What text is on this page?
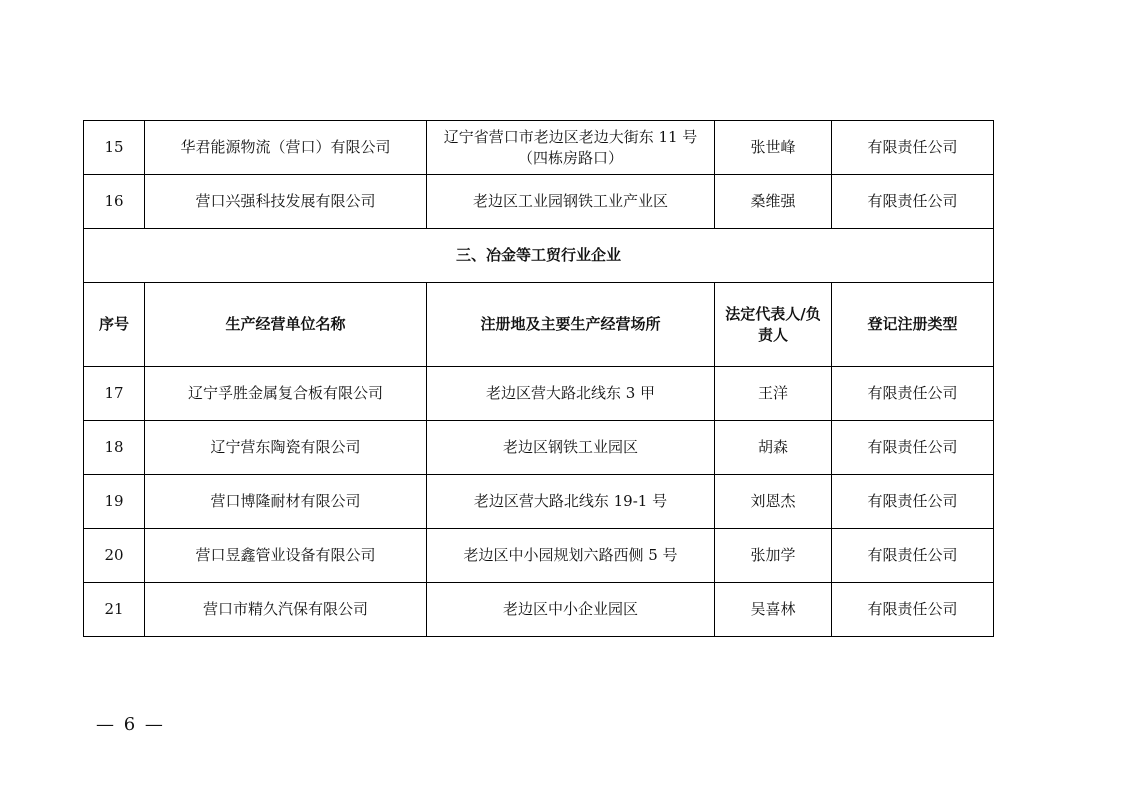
15	华君能源物流（营口）有限公司	辽宁省营口市老边区老边大街东 11 号
（四栋房路口）	张世峰	有限责任公司
16	营口兴强科技发展有限公司	老边区工业园钢铁工业产业区	桑维强	有限责任公司
三、冶金等工贸行业企业				
序号	生产经营单位名称	注册地及主要生产经营场所	法定代表人/负
责人	登记注册类型
17	辽宁孚胜金属复合板有限公司	老边区营大路北线东 3 甲	王洋	有限责任公司
18	辽宁营东陶瓷有限公司	老边区钢铁工业园区	胡森	有限责任公司
19	营口博隆耐材有限公司	老边区营大路北线东 19-1 号	刘恩杰	有限责任公司
20	营口昱鑫管业设备有限公司	老边区中小园规划六路西侧 5 号	张加学	有限责任公司
21	营口市精久汽保有限公司	老边区中小企业园区	吴喜林	有限责任公司
— 6 —
